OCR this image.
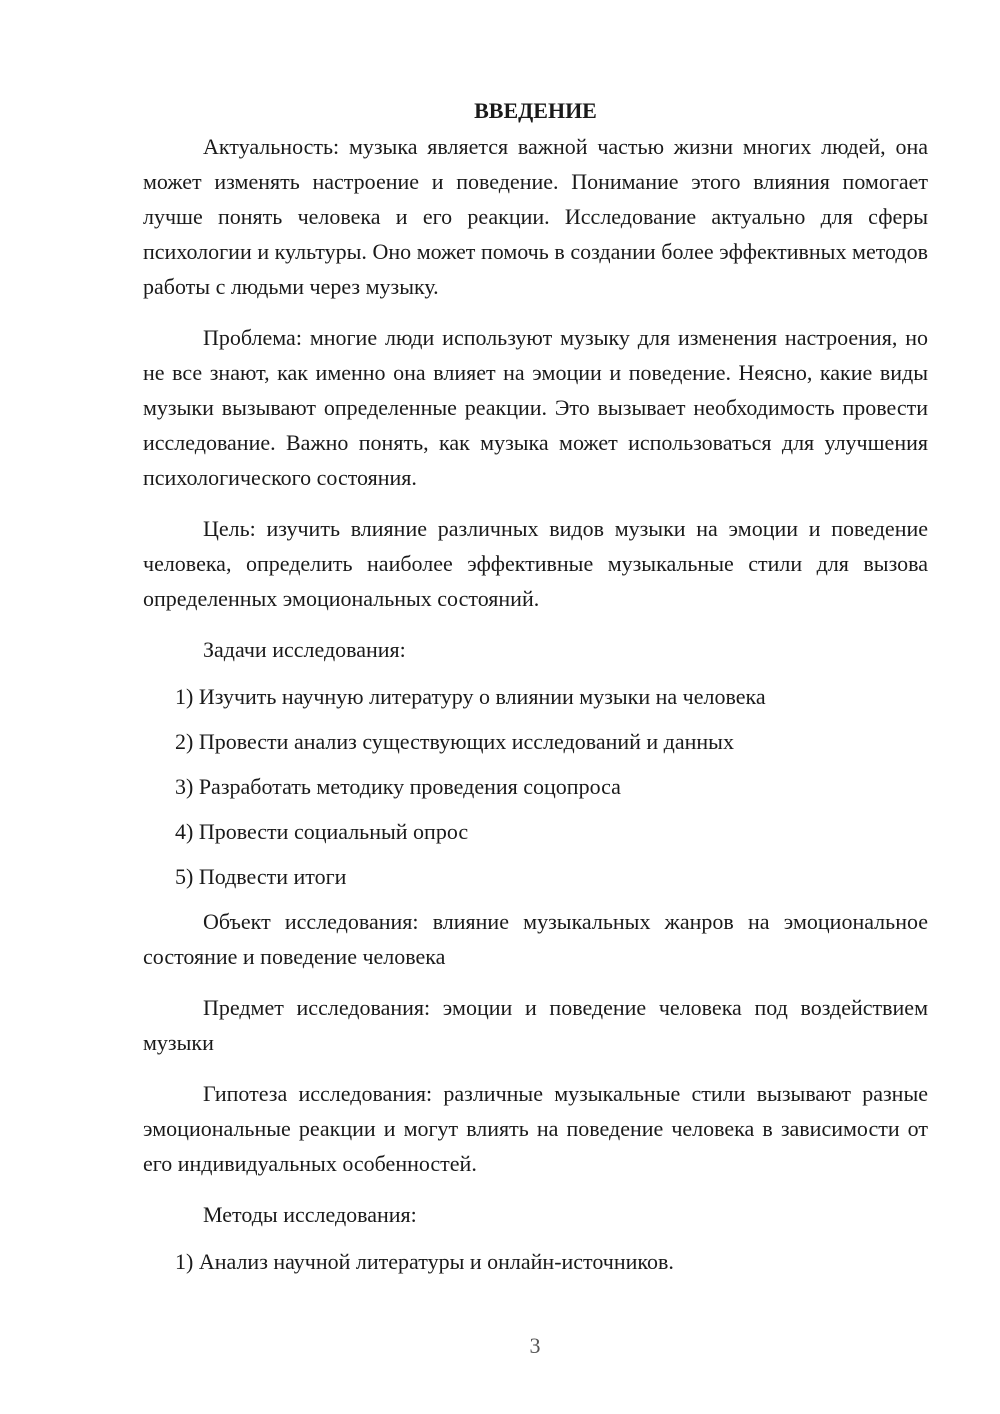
ВВЕДЕНИЕ

Актуальность: музыка является важной частью жизни многих людей, она может изменять настроение и поведение. Понимание этого влияния помогает лучше понять человека и его реакции. Исследование актуально для сферы психологии и культуры. Оно может помочь в создании более эффективных методов работы с людьми через музыку.

Проблема: многие люди используют музыку для изменения настроения, но не все знают, как именно она влияет на эмоции и поведение. Неясно, какие виды музыки вызывают определенные реакции. Это вызывает необходимость провести исследование. Важно понять, как музыка может использоваться для улучшения психологического состояния.

Цель: изучить влияние различных видов музыки на эмоции и поведение человека, определить наиболее эффективные музыкальные стили для вызова определенных эмоциональных состояний.

Задачи исследования:

1) Изучить научную литературу о влиянии музыки на человека
2) Провести анализ существующих исследований и данных
3) Разработать методику проведения соцопроса
4) Провести социальный опрос
5) Подвести итоги

Объект исследования: влияние музыкальных жанров на эмоциональное состояние и поведение человека

Предмет исследования: эмоции и поведение человека под воздействием музыки

Гипотеза исследования: различные музыкальные стили вызывают разные эмоциональные реакции и могут влиять на поведение человека в зависимости от его индивидуальных особенностей.

Методы исследования:

1) Анализ научной литературы и онлайн-источников.
3
